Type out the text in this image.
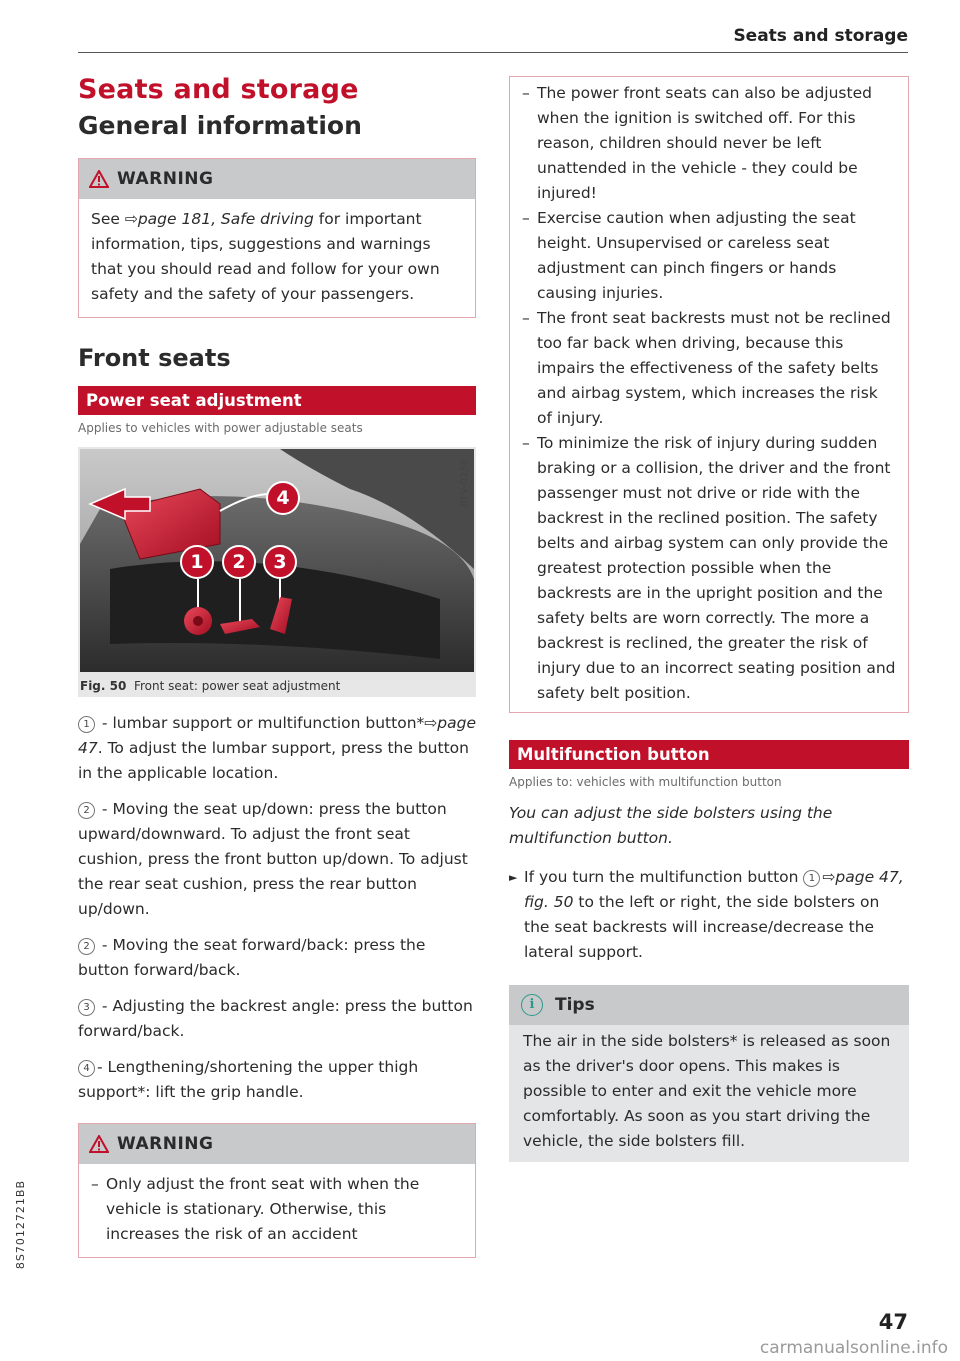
Seats and storage
Seats and storage
General information
WARNING

See ⇨page 181, Safe driving for important information, tips, suggestions and warnings that you should read and follow for your own safety and the safety of your passengers.

Front seats
Power seat adjustment
Applies to vehicles with power adjustable seats
4
1	2	3
BFV-0258
Fig. 50 Front seat: power seat adjustment

1 - lumbar support or multifunction button*⇨page 47. To adjust the lumbar support, press the button in the applicable location.

2 - Moving the seat up/down: press the button upward/downward. To adjust the front seat cushion, press the front button up/down. To adjust the rear seat cushion, press the rear button up/down.

2 - Moving the seat forward/back: press the button forward/back.

3 - Adjusting the backrest angle: press the button forward/back.

4 - Lengthening/shortening the upper thigh support*: lift the grip handle.

WARNING
– Only adjust the front seat with when the vehicle is stationary. Otherwise, this increases the risk of an accident
– The power front seats can also be adjusted when the ignition is switched off. For this reason, children should never be left unattended in the vehicle - they could be injured!
– Exercise caution when adjusting the seat height. Unsupervised or careless seat adjustment can pinch fingers or hands causing injuries.
– The front seat backrests must not be reclined too far back when driving, because this impairs the effectiveness of the safety belts and airbag system, which increases the risk of injury.
– To minimize the risk of injury during sudden braking or a collision, the driver and the front passenger must not drive or ride with the backrest in the reclined position. The safety belts and airbag system can only provide the greatest protection possible when the backrests are in the upright position and the safety belts are worn correctly. The more a backrest is reclined, the greater the risk of injury due to an incorrect seating position and safety belt position.
Multifunction button
Applies to: vehicles with multifunction button
You can adjust the side bolsters using the multifunction button.
► If you turn the multifunction button 1 ⇨page 47, fig. 50 to the left or right, the side bolsters on the seat backrests will increase/decrease the lateral support.
i	Tips
The air in the side bolsters* is released as soon as the driver's door opens. This makes is possible to enter and exit the vehicle more comfortably. As soon as you start driving the vehicle, the side bolsters fill.
8S7012721BB
47
carmanualsonline.info
